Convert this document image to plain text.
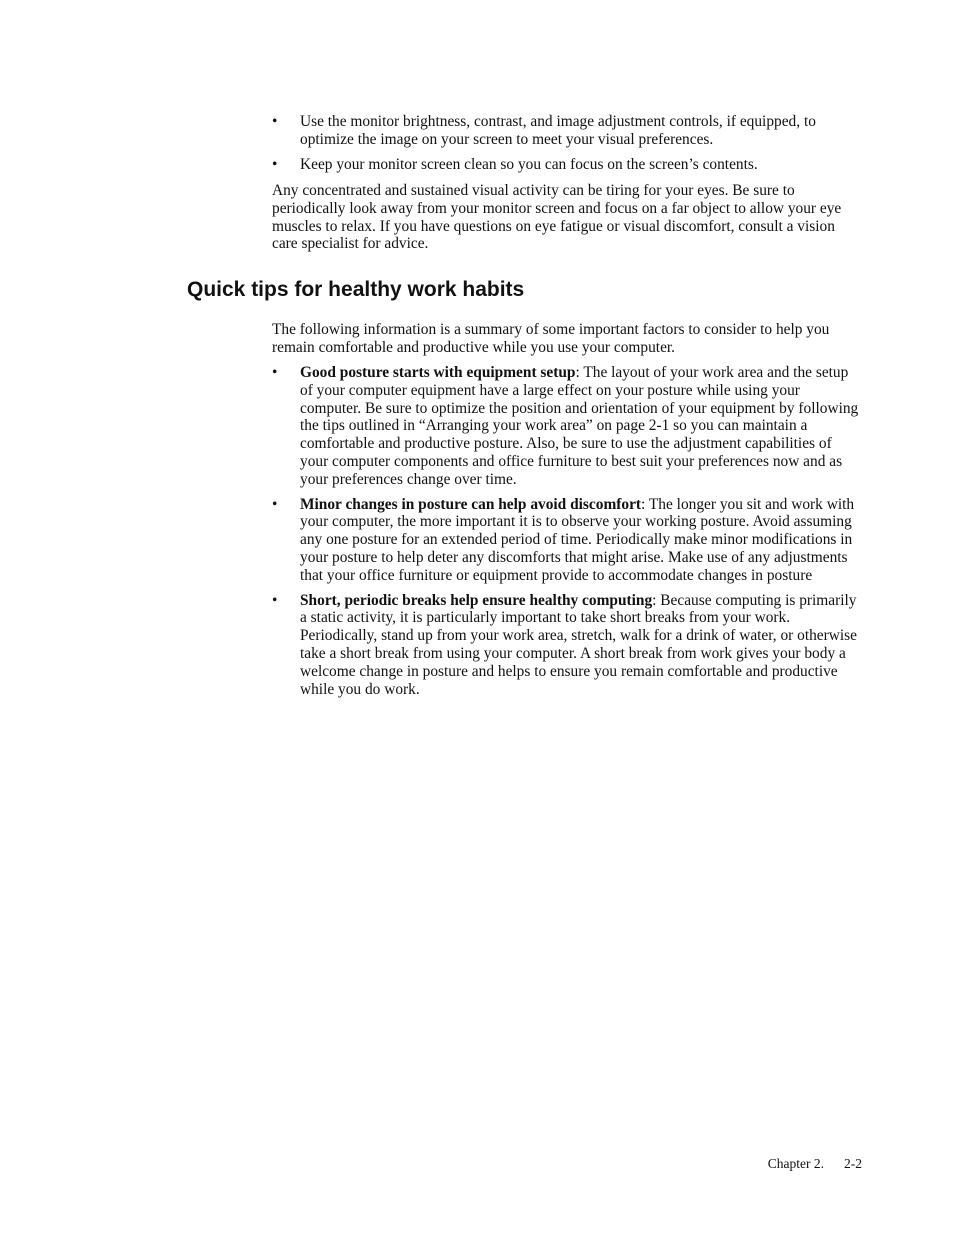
•	Use the monitor brightness, contrast, and image adjustment controls, if equipped, to optimize the image on your screen to meet your visual preferences.
•	Keep your monitor screen clean so you can focus on the screen’s contents.

Any concentrated and sustained visual activity can be tiring for your eyes. Be sure to periodically look away from your monitor screen and focus on a far object to allow your eye muscles to relax. If you have questions on eye fatigue or visual discomfort, consult a vision care specialist for advice.

Quick tips for healthy work habits

The following information is a summary of some important factors to consider to help you remain comfortable and productive while you use your computer.

•	Good posture starts with equipment setup: The layout of your work area and the setup of your computer equipment have a large effect on your posture while using your computer. Be sure to optimize the position and orientation of your equipment by following the tips outlined in “Arranging your work area” on page 2-1 so you can maintain a comfortable and productive posture. Also, be sure to use the adjustment capabilities of your computer components and office furniture to best suit your preferences now and as your preferences change over time.
•	Minor changes in posture can help avoid discomfort: The longer you sit and work with your computer, the more important it is to observe your working posture. Avoid assuming any one posture for an extended period of time. Periodically make minor modifications in your posture to help deter any discomforts that might arise. Make use of any adjustments that your office furniture or equipment provide to accommodate changes in posture
•	Short, periodic breaks help ensure healthy computing: Because computing is primarily a static activity, it is particularly important to take short breaks from your work. Periodically, stand up from your work area, stretch, walk for a drink of water, or otherwise take a short break from using your computer. A short break from work gives your body a welcome change in posture and helps to ensure you remain comfortable and productive while you do work.
Chapter 2. 2-2
